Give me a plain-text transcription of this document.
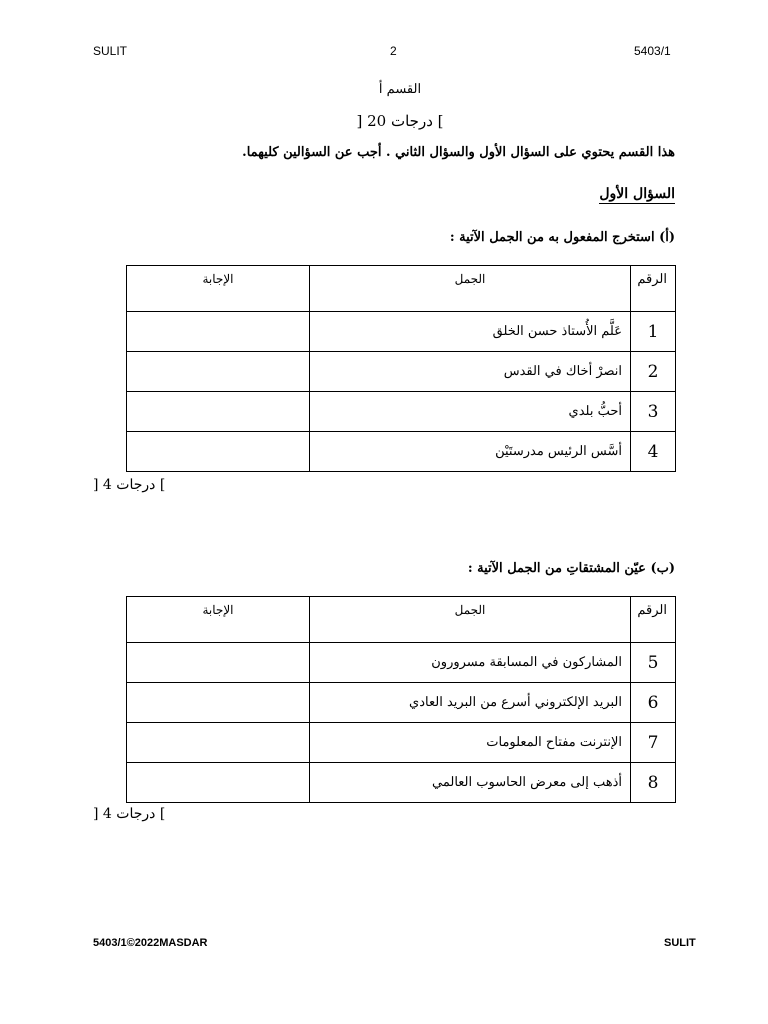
SULIT	2	5403/1
القسم أ
] 20 درجات [
هذا القسم يحتوي على السؤال الأول والسؤال الثاني . أجب عن السؤالين كليهما.
السؤال الأول
(أ) استخرج المفعول به من الجمل الآتية :
الرقم	الجمل	الإجابة
1	عَلَّم الأُستاذ حسن الخلق	
2	انصرْ أخاك في القدس	
3	أحبُّ بلدي	
4	أسَّس الرئيس مدرستَيْن	
] 4 درجات [
(ب) عيّن المشتقاتِ من الجمل الآتية :
الرقم	الجمل	الإجابة
5	المشاركون في المسابقة مسرورون	
6	البريد الإلكتروني أسرع من البريد العادي	
7	الإنترنت مفتاح المعلومات	
8	أذهب إلى معرض الحاسوب العالمي	
] 4 درجات [
5403/1©2022MASDAR	SULIT
